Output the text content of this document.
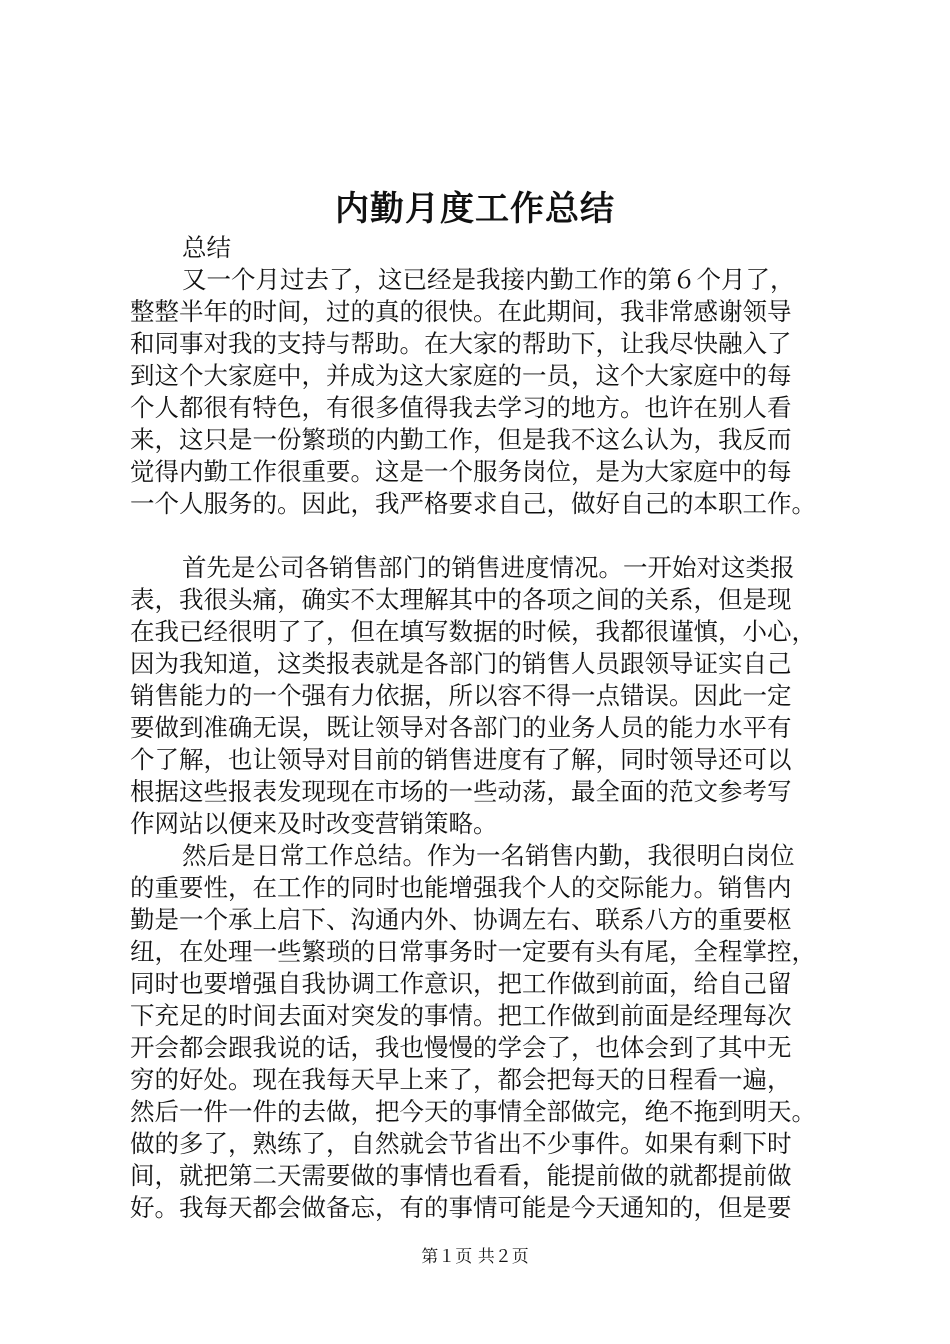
内勤月度工作总结
总结
又一个月过去了，这已经是我接内勤工作的第６个月了，
整整半年的时间，过的真的很快。在此期间，我非常感谢领导
和同事对我的支持与帮助。在大家的帮助下，让我尽快融入了
到这个大家庭中，并成为这大家庭的一员，这个大家庭中的每
个人都很有特色，有很多值得我去学习的地方。也许在别人看
来，这只是一份繁琐的内勤工作，但是我不这么认为，我反而
觉得内勤工作很重要。这是一个服务岗位，是为大家庭中的每
一个人服务的。因此，我严格要求自己，做好自己的本职工作。
首先是公司各销售部门的销售进度情况。一开始对这类报
表，我很头痛，确实不太理解其中的各项之间的关系，但是现
在我已经很明了了，但在填写数据的时候，我都很谨慎，小心，
因为我知道，这类报表就是各部门的销售人员跟领导证实自己
销售能力的一个强有力依据，所以容不得一点错误。因此一定
要做到准确无误，既让领导对各部门的业务人员的能力水平有
个了解，也让领导对目前的销售进度有了解，同时领导还可以
根据这些报表发现现在市场的一些动荡，最全面的范文参考写
作网站以便来及时改变营销策略。
然后是日常工作总结。作为一名销售内勤，我很明白岗位
的重要性，在工作的同时也能增强我个人的交际能力。销售内
勤是一个承上启下、沟通内外、协调左右、联系八方的重要枢
纽，在处理一些繁琐的日常事务时一定要有头有尾，全程掌控，
同时也要增强自我协调工作意识，把工作做到前面，给自己留
下充足的时间去面对突发的事情。把工作做到前面是经理每次
开会都会跟我说的话，我也慢慢的学会了，也体会到了其中无
穷的好处。现在我每天早上来了，都会把每天的日程看一遍，
然后一件一件的去做，把今天的事情全部做完，绝不拖到明天。
做的多了，熟练了，自然就会节省出不少事件。如果有剩下时
间，就把第二天需要做的事情也看看，能提前做的就都提前做
好。我每天都会做备忘，有的事情可能是今天通知的，但是要
第１页 共２页
